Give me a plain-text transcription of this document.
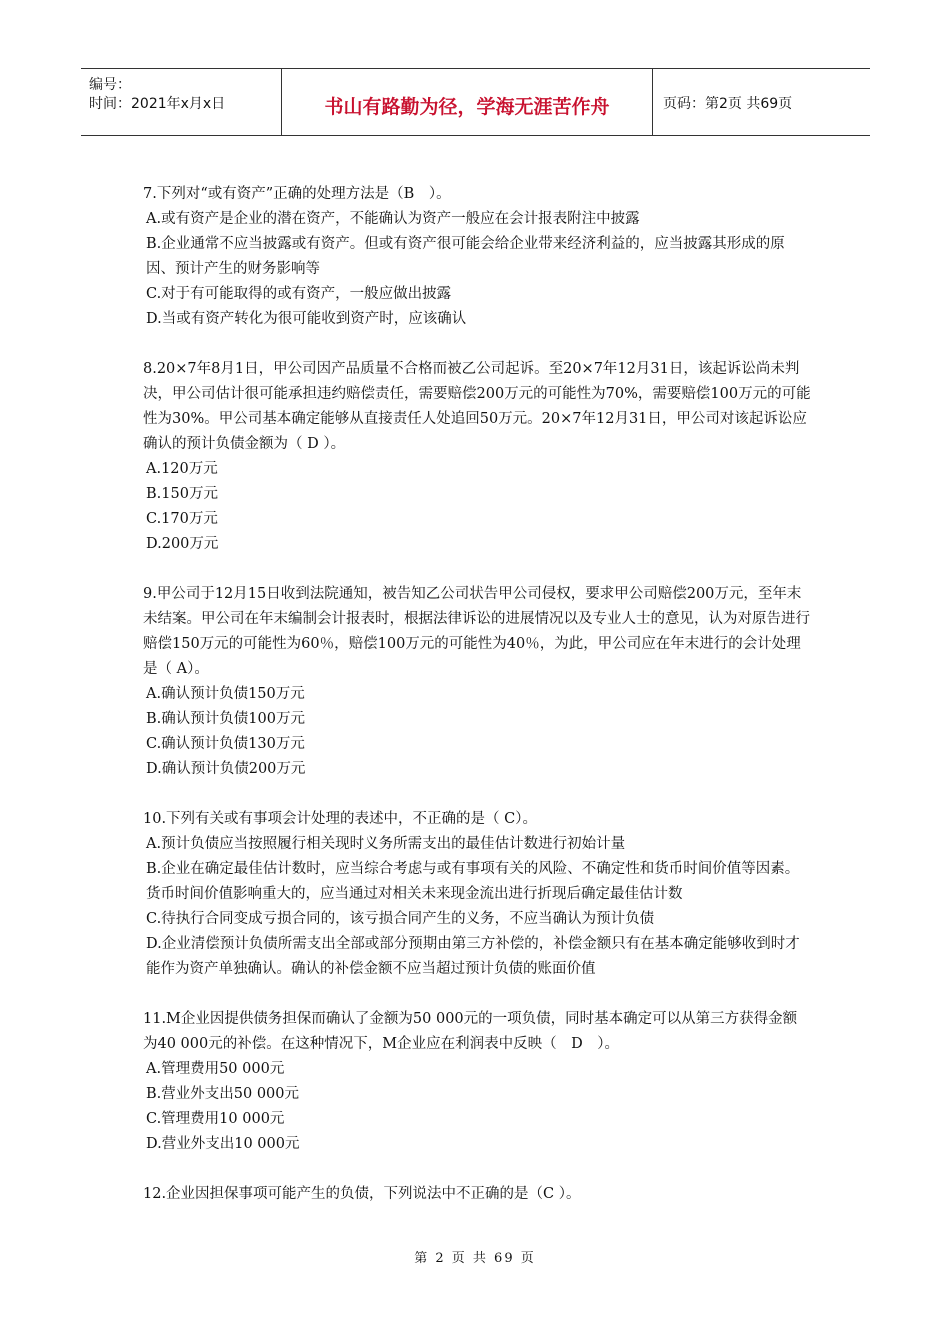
编号：
时间：2021年x月x日	书山有路勤为径，学海无涯苦作舟	页码：第2页 共69页

7.下列对“或有资产”正确的处理方法是（B　）。

A.或有资产是企业的潜在资产，不能确认为资产一般应在会计报表附注中披露

B.企业通常不应当披露或有资产。但或有资产很可能会给企业带来经济利益的，应当披露其形成的原因、预计产生的财务影响等

C.对于有可能取得的或有资产，一般应做出披露

D.当或有资产转化为很可能收到资产时，应该确认

8.20×7年8月1日，甲公司因产品质量不合格而被乙公司起诉。至20×7年12月31日，该起诉讼尚未判决，甲公司估计很可能承担违约赔偿责任，需要赔偿200万元的可能性为70%，需要赔偿100万元的可能性为30%。甲公司基本确定能够从直接责任人处追回50万元。20×7年12月31日，甲公司对该起诉讼应确认的预计负债金额为（ D ）。

A.120万元

B.150万元

C.170万元

D.200万元

9.甲公司于12月15日收到法院通知，被告知乙公司状告甲公司侵权，要求甲公司赔偿200万元，至年末未结案。甲公司在年末编制会计报表时，根据法律诉讼的进展情况以及专业人士的意见，认为对原告进行赔偿150万元的可能性为60％，赔偿100万元的可能性为40％，为此，甲公司应在年末进行的会计处理是（ A）。

A.确认预计负债150万元

B.确认预计负债100万元

C.确认预计负债130万元

D.确认预计负债200万元

10.下列有关或有事项会计处理的表述中，不正确的是（ C）。

A.预计负债应当按照履行相关现时义务所需支出的最佳估计数进行初始计量

B.企业在确定最佳估计数时，应当综合考虑与或有事项有关的风险、不确定性和货币时间价值等因素。货币时间价值影响重大的，应当通过对相关未来现金流出进行折现后确定最佳估计数

C.待执行合同变成亏损合同的，该亏损合同产生的义务，不应当确认为预计负债

D.企业清偿预计负债所需支出全部或部分预期由第三方补偿的，补偿金额只有在基本确定能够收到时才能作为资产单独确认。确认的补偿金额不应当超过预计负债的账面价值

11.M企业因提供债务担保而确认了金额为50 000元的一项负债，同时基本确定可以从第三方获得金额为40 000元的补偿。在这种情况下，M企业应在利润表中反映（　D　）。

A.管理费用50 000元

B.营业外支出50 000元

C.管理费用10 000元

D.营业外支出10 000元

12.企业因担保事项可能产生的负债，下列说法中不正确的是（C ）。

第 2 页 共 69 页
